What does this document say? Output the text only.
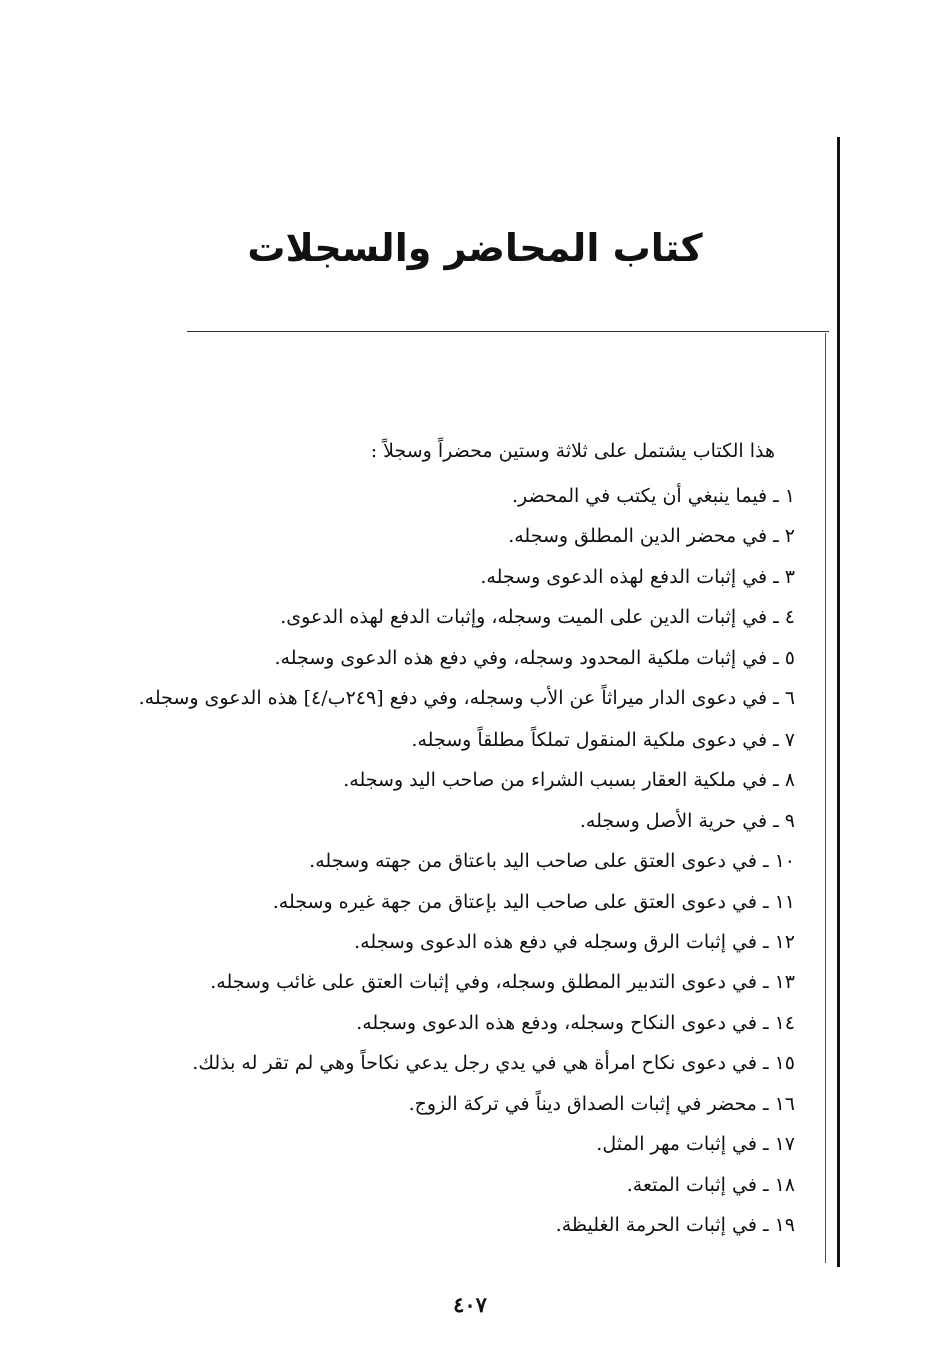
كتاب المحاضر والسجلات

هذا الكتاب يشتمل على ثلاثة وستين محضراً وسجلاً :

١ ـ فيما ينبغي أن يكتب في المحضر.
٢ ـ في محضر الدين المطلق وسجله.
٣ ـ في إثبات الدفع لهذه الدعوى وسجله.
٤ ـ في إثبات الدين على الميت وسجله، وإثبات الدفع لهذه الدعوى.
٥ ـ في إثبات ملكية المحدود وسجله، وفي دفع هذه الدعوى وسجله.
٦ ـ في دعوى الدار ميراثاً عن الأب وسجله، وفي دفع [٢٤٩ب/٤] هذه الدعوى وسجله.
٧ ـ في دعوى ملكية المنقول تملكاً مطلقاً وسجله.
٨ ـ في ملكية العقار بسبب الشراء من صاحب اليد وسجله.
٩ ـ في حرية الأصل وسجله.
١٠ ـ في دعوى العتق على صاحب اليد باعتاق من جهته وسجله.
١١ ـ في دعوى العتق على صاحب اليد بإعتاق من جهة غيره وسجله.
١٢ ـ في إثبات الرق وسجله في دفع هذه الدعوى وسجله.
١٣ ـ في دعوى التدبير المطلق وسجله، وفي إثبات العتق على غائب وسجله.
١٤ ـ في دعوى النكاح وسجله، ودفع هذه الدعوى وسجله.
١٥ ـ في دعوى نكاح امرأة هي في يدي رجل يدعي نكاحاً وهي لم تقر له بذلك.
١٦ ـ محضر في إثبات الصداق ديناً في تركة الزوج.
١٧ ـ في إثبات مهر المثل.
١٨ ـ في إثبات المتعة.
١٩ ـ في إثبات الحرمة الغليظة.
٤٠٧
